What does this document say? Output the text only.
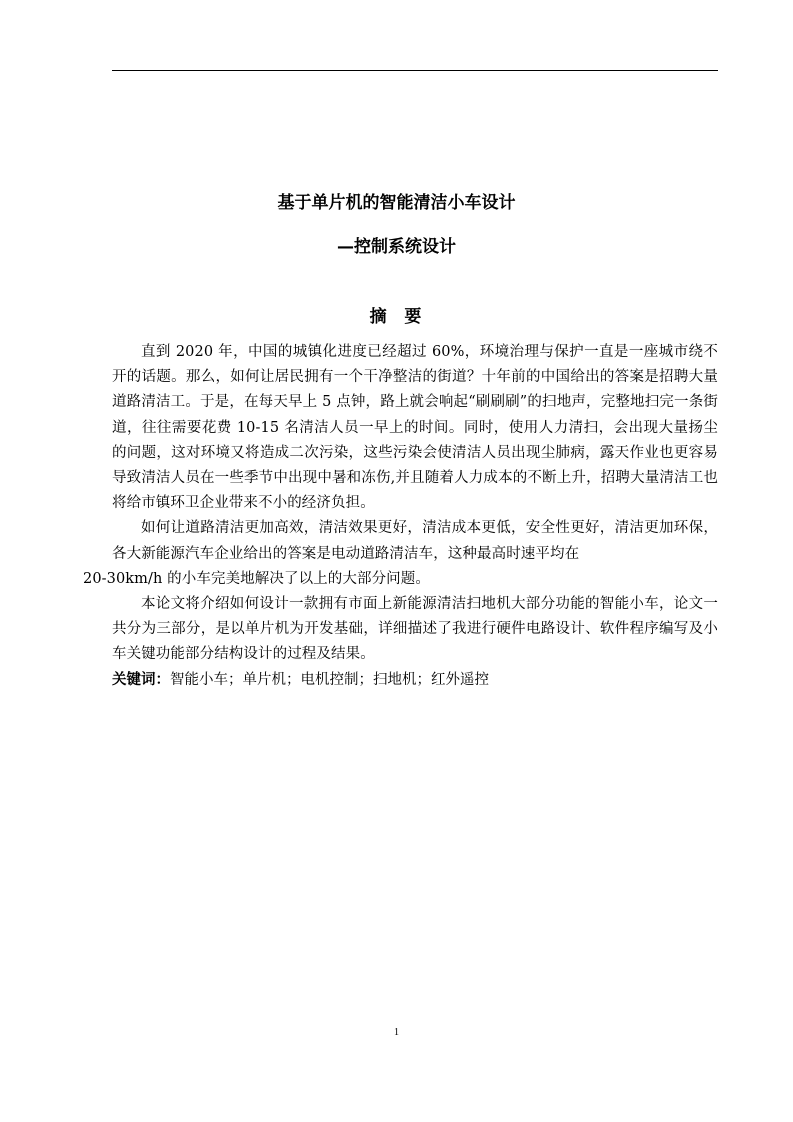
基于单片机的智能清洁小车设计
—控制系统设计
摘  要

直到 2020 年，中国的城镇化进度已经超过 60%，环境治理与保护一直是一座城市绕不开的话题。那么，如何让居民拥有一个干净整洁的街道？十年前的中国给出的答案是招聘大量道路清洁工。于是，在每天早上 5 点钟，路上就会响起“刷刷刷”的扫地声，完整地扫完一条街道，往往需要花费 10-15 名清洁人员一早上的时间。同时，使用人力清扫，会出现大量扬尘的问题，这对环境又将造成二次污染，这些污染会使清洁人员出现尘肺病，露天作业也更容易导致清洁人员在一些季节中出现中暑和冻伤,并且随着人力成本的不断上升，招聘大量清洁工也将给市镇环卫企业带来不小的经济负担。

如何让道路清洁更加高效，清洁效果更好，清洁成本更低，安全性更好，清洁更加环保，各大新能源汽车企业给出的答案是电动道路清洁车，这种最高时速平均在
20-30km/h 的小车完美地解决了以上的大部分问题。

本论文将介绍如何设计一款拥有市面上新能源清洁扫地机大部分功能的智能小车，论文一共分为三部分，是以单片机为开发基础，详细描述了我进行硬件电路设计、软件程序编写及小车关键功能部分结构设计的过程及结果。

关键词：智能小车；单片机；电机控制；扫地机；红外遥控

1
